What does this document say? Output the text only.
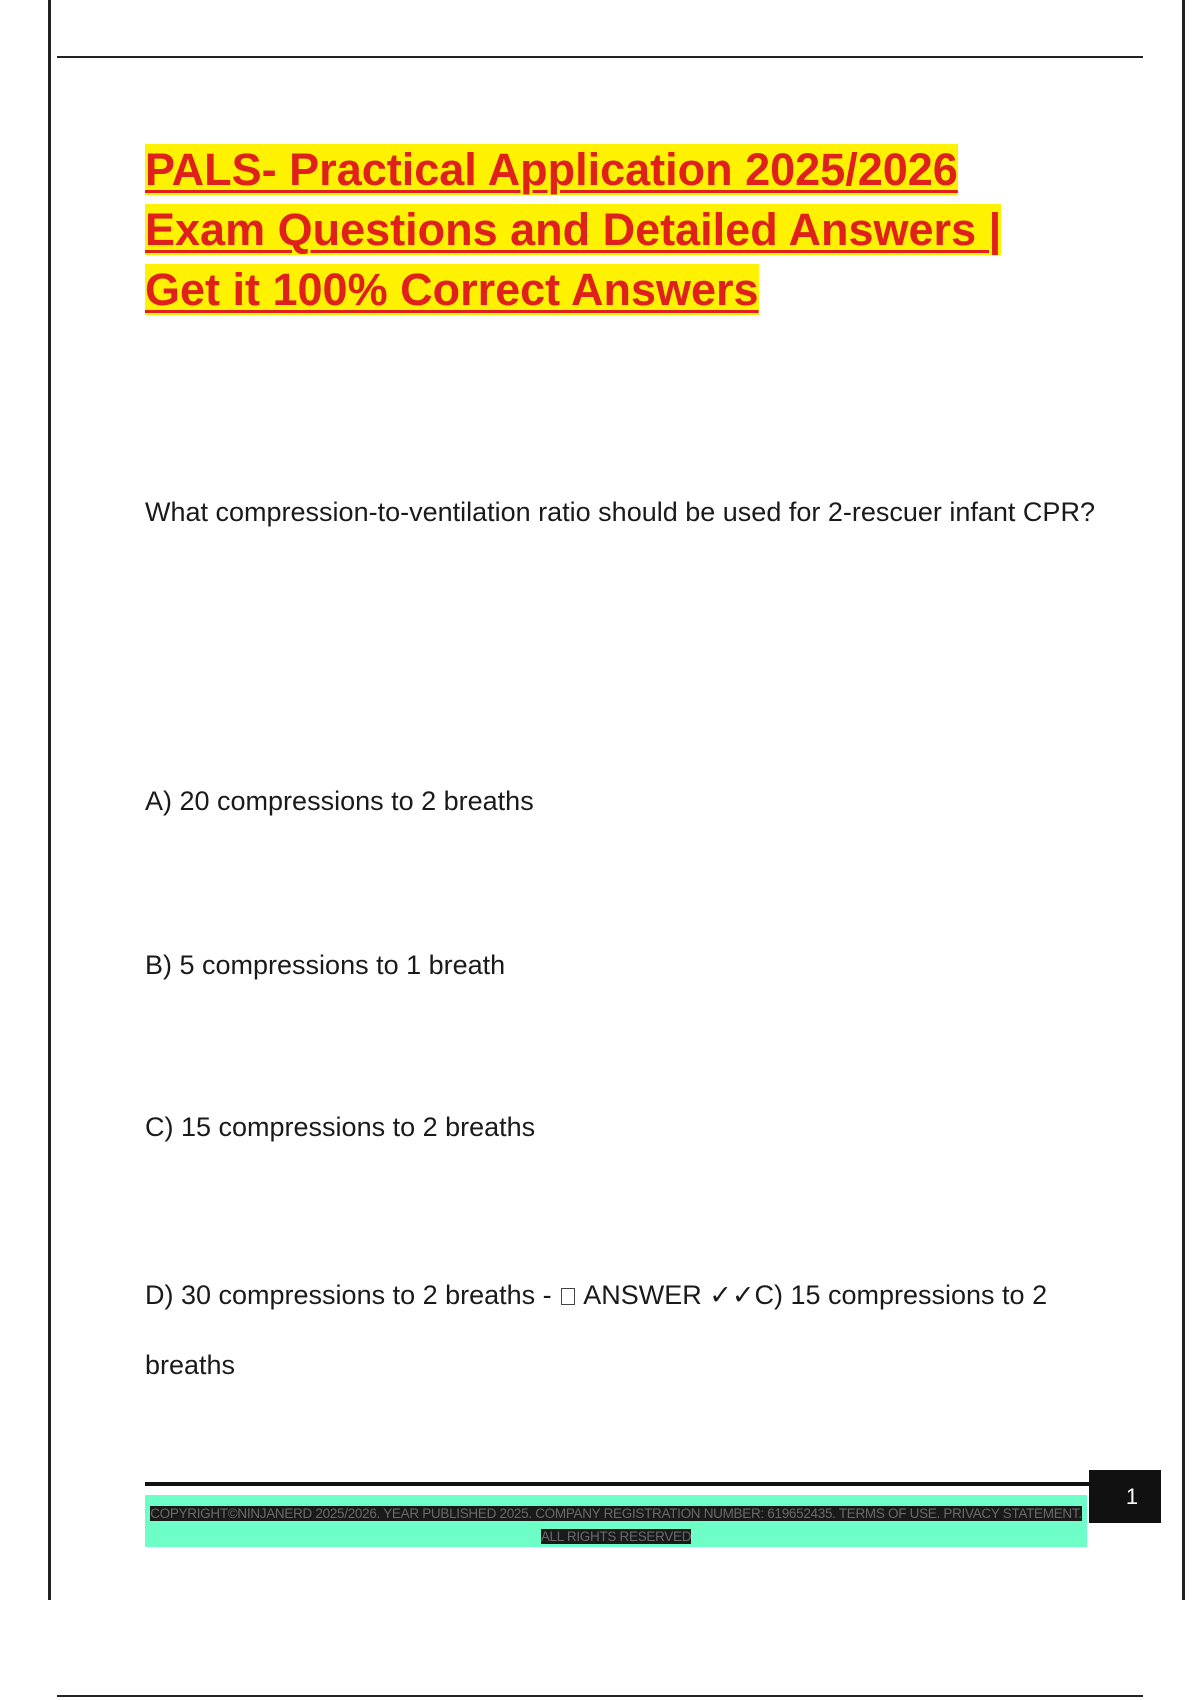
PALS- Practical Application 2025/2026
Exam Questions and Detailed Answers |
Get it 100% Correct Answers

What compression-to-ventilation ratio should be used for 2-rescuer infant CPR?

A) 20 compressions to 2 breaths

B) 5 compressions to 1 breath

C) 15 compressions to 2 breaths

D) 30 compressions to 2 breaths -  ANSWER ✓✓C) 15 compressions to 2 breaths

COPYRIGHT©NINJANERD 2025/2026. YEAR PUBLISHED 2025. COMPANY REGISTRATION NUMBER: 619652435. TERMS OF USE. PRIVACY STATEMENT. ALL RIGHTS RESERVED
1
